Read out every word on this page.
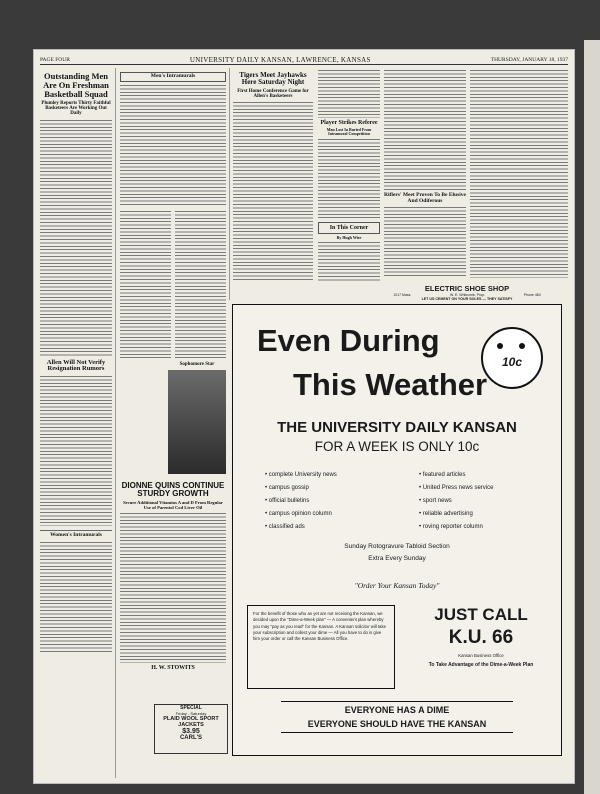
PAGE FOUR	UNIVERSITY DAILY KANSAN, LAWRENCE, KANSAS	THURSDAY, JANUARY 18, 1937
Outstanding Men Are On Freshman Basketball Squad
Plumley Reports Thirty Faithful Basketeers Are Working Out Daily
Allen Will Not Verify Resignation Rumors
Women's Intramurals
Men's Intramurals

Sophomore Star
DIONNE QUINS CONTINUE STURDY GROWTH
Secure Additional Vitamins A and D From Regular Use of Parentol Cod Liver Oil
H. W. STOWITS
SPECIAL
Friday - Saturday
PLAID WOOL SPORT JACKETS
$3.95
CARL'S
Tigers Meet Jayhawks Here Saturday Night
First Home Conference Game for Allen's Basketeers
Player Strikes Referee
Man Lost In Buried From Intramural Competition
In This Corner
By Hugh Wire
Riflers' Meet Proven To Be Elusive And Odiferous
ELECTRIC SHOE SHOP
1017 Mass.	W. E. Whitcomb, Prop.	Phone 484
LET US CEMENT ON YOUR SOLES — THEY SATISFY
Even During
This Weather
10c
THE UNIVERSITY DAILY KANSAN
FOR A WEEK IS ONLY 10c
• complete University news
• campus gossip
• official bulletins
• campus opinion column
• classified ads
• featured articles
• United Press news service
• sport news
• reliable advertising
• roving reporter column
Sunday Rotogravure Tabloid Section
Extra Every Sunday
"Order Your Kansan Today"
For the benefit of those who as yet are not receiving the Kansan, we decided upon the "Dime-a-Week plan" — A convenient plan whereby you may "pay as you read" for the Kansan. A Kansan solicitor will take your subscription and collect your dime — All you have to do is give him your order or call the Kansan Business Office.
JUST CALL
K.U. 66
Kansan Business Office
To Take Advantage of the Dime-a-Week Plan
EVERYONE HAS A DIME
EVERYONE SHOULD HAVE THE KANSAN
